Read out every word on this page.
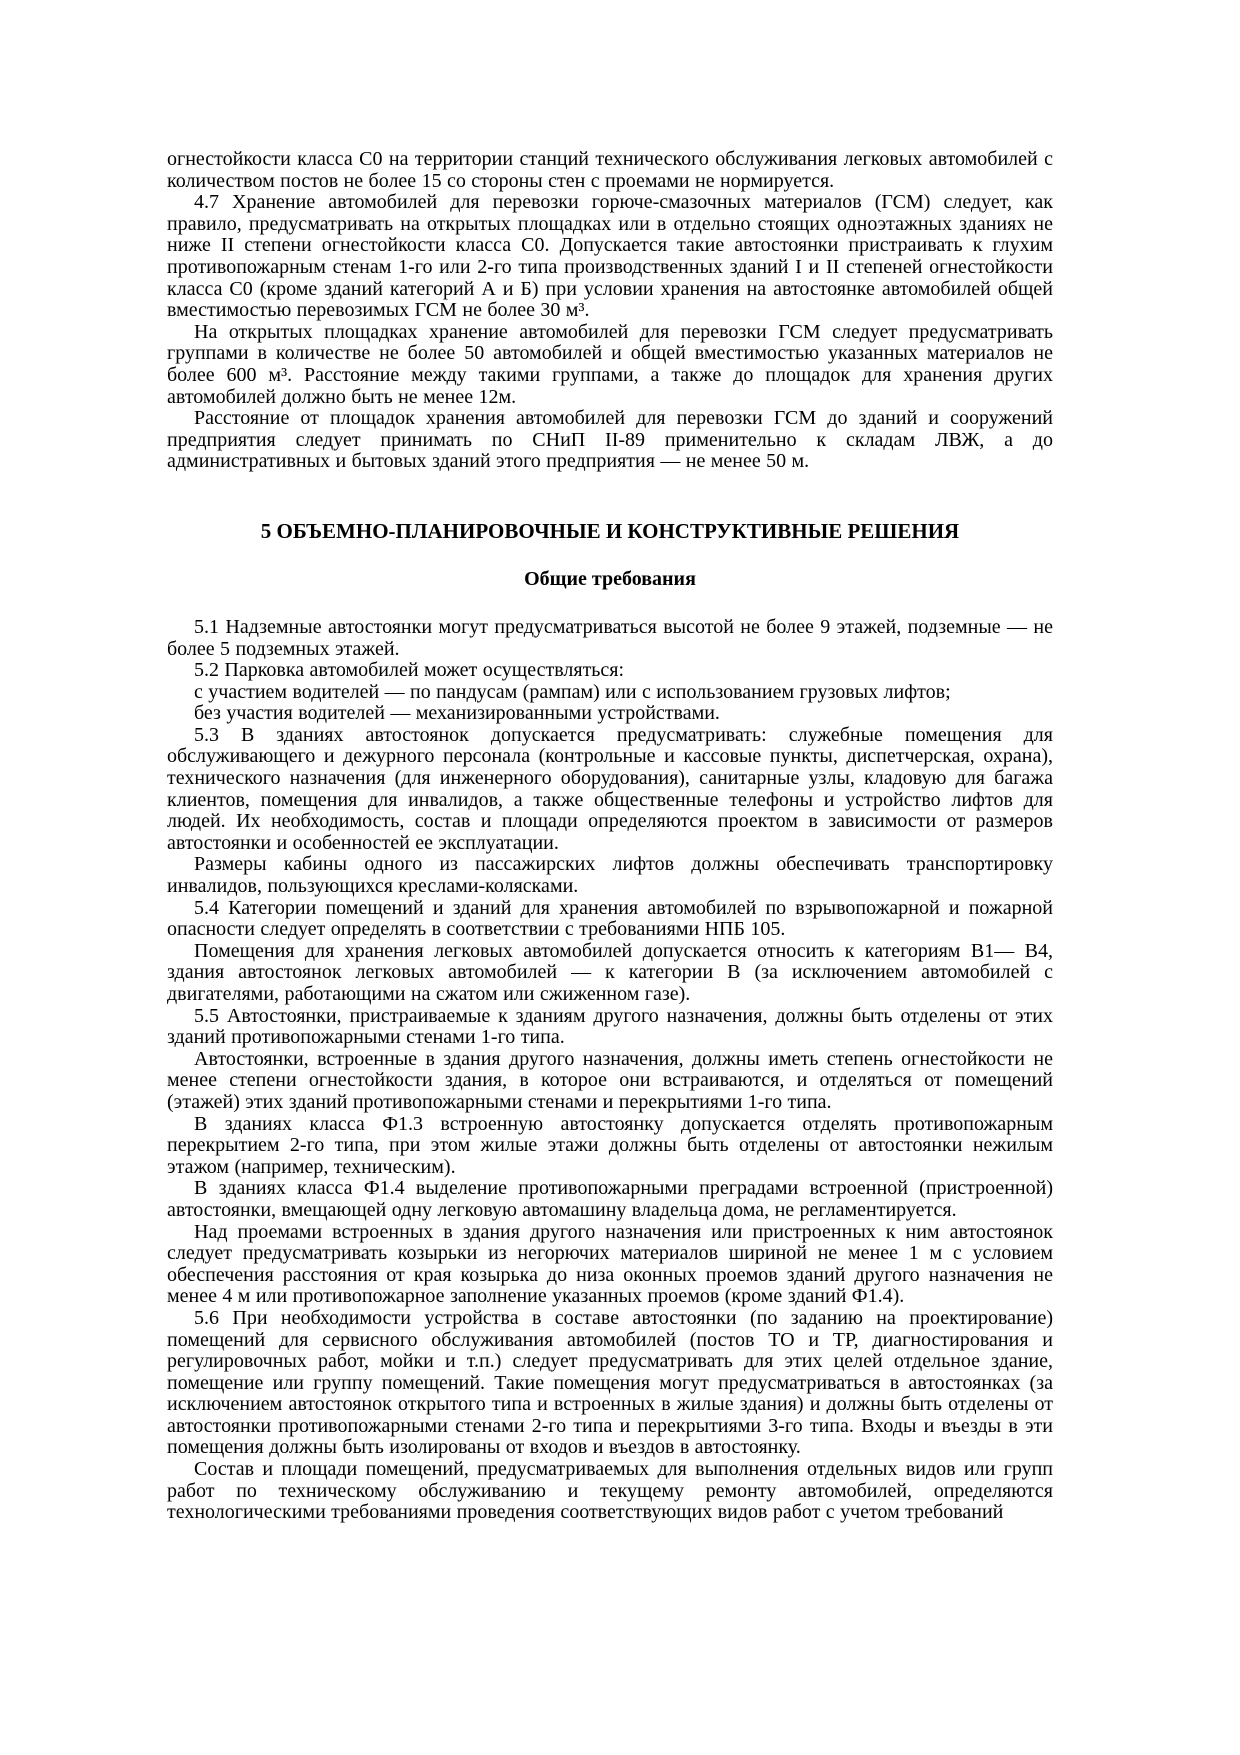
огнестойкости класса С0 на территории станций технического обслуживания легковых автомобилей с количеством постов не более 15 со стороны стен с проемами не нормируется.

4.7 Хранение автомобилей для перевозки горюче-смазочных материалов (ГСМ) следует, как правило, предусматривать на открытых площадках или в отдельно стоящих одноэтажных зданиях не ниже II степени огнестойкости класса С0. Допускается такие автостоянки пристраивать к глухим противопожарным стенам 1-го или 2-го типа производственных зданий I и II степеней огнестойкости класса С0 (кроме зданий категорий А и Б) при условии хранения на автостоянке автомобилей общей вместимостью перевозимых ГСМ не более 30 м³.

На открытых площадках хранение автомобилей для перевозки ГСМ следует предусматривать группами в количестве не более 50 автомобилей и общей вместимостью указанных материалов не более 600 м³. Расстояние между такими группами, а также до площадок для хранения других автомобилей должно быть не менее 12м.

Расстояние от площадок хранения автомобилей для перевозки ГСМ до зданий и сооружений предприятия следует принимать по СНиП II-89 применительно к складам ЛВЖ, а до административных и бытовых зданий этого предприятия — не менее 50 м.

5 ОБЪЕМНО-ПЛАНИРОВОЧНЫЕ И КОНСТРУКТИВНЫЕ РЕШЕНИЯ
Общие требования

5.1 Надземные автостоянки могут предусматриваться высотой не более 9 этажей, подземные — не более 5 подземных этажей.

5.2 Парковка автомобилей может осуществляться:

с участием водителей — по пандусам (рампам) или с использованием грузовых лифтов;

без участия водителей — механизированными устройствами.

5.3 В зданиях автостоянок допускается предусматривать: служебные помещения для обслуживающего и дежурного персонала (контрольные и кассовые пункты, диспетчерская, охрана), технического назначения (для инженерного оборудования), санитарные узлы, кладовую для багажа клиентов, помещения для инвалидов, а также общественные телефоны и устройство лифтов для людей. Их необходимость, состав и площади определяются проектом в зависимости от размеров автостоянки и особенностей ее эксплуатации.

Размеры кабины одного из пассажирских лифтов должны обеспечивать транспортировку инвалидов, пользующихся креслами-колясками.

5.4 Категории помещений и зданий для хранения автомобилей по взрывопожарной и пожарной опасности следует определять в соответствии с требованиями НПБ 105.

Помещения для хранения легковых автомобилей допускается относить к категориям В1— В4, здания автостоянок легковых автомобилей — к категории В (за исключением автомобилей с двигателями, работающими на сжатом или сжиженном газе).

5.5 Автостоянки, пристраиваемые к зданиям другого назначения, должны быть отделены от этих зданий противопожарными стенами 1-го типа.

Автостоянки, встроенные в здания другого назначения, должны иметь степень огнестойкости не менее степени огнестойкости здания, в которое они встраиваются, и отделяться от помещений (этажей) этих зданий противопожарными стенами и перекрытиями 1-го типа.

В зданиях класса Ф1.3 встроенную автостоянку допускается отделять противопожарным перекрытием 2-го типа, при этом жилые этажи должны быть отделены от автостоянки нежилым этажом (например, техническим).

В зданиях класса Ф1.4 выделение противопожарными преградами встроенной (пристроенной) автостоянки, вмещающей одну легковую автомашину владельца дома, не регламентируется.

Над проемами встроенных в здания другого назначения или пристроенных к ним автостоянок следует предусматривать козырьки из негорючих материалов шириной не менее 1 м с условием обеспечения расстояния от края козырька до низа оконных проемов зданий другого назначения не менее 4 м или противопожарное заполнение указанных проемов (кроме зданий Ф1.4).

5.6 При необходимости устройства в составе автостоянки (по заданию на проектирование) помещений для сервисного обслуживания автомобилей (постов ТО и ТР, диагностирования и регулировочных работ, мойки и т.п.) следует предусматривать для этих целей отдельное здание, помещение или группу помещений. Такие помещения могут предусматриваться в автостоянках (за исключением автостоянок открытого типа и встроенных в жилые здания) и должны быть отделены от автостоянки противопожарными стенами 2-го типа и перекрытиями 3-го типа. Входы и въезды в эти помещения должны быть изолированы от входов и въездов в автостоянку.

Состав и площади помещений, предусматриваемых для выполнения отдельных видов или групп работ по техническому обслуживанию и текущему ремонту автомобилей, определяются технологическими требованиями проведения соответствующих видов работ с учетом требований
